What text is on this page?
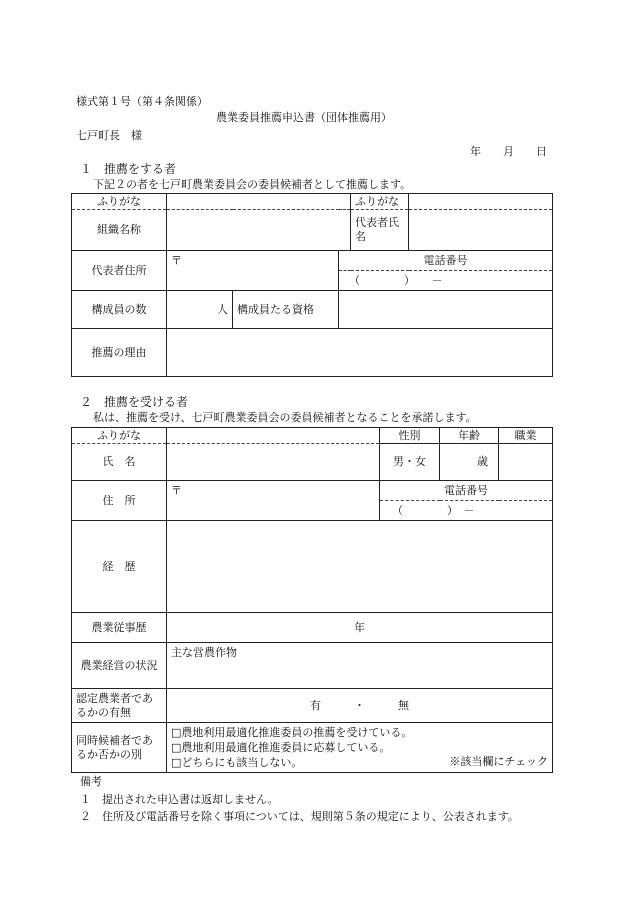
様式第１号（第４条関係）
農業委員推薦申込書（団体推薦用）
七戸町長　様
年　　月　　日
１　推薦をする者
下記２の者を七戸町農業委員会の委員候補者として推薦します。
ふりがな				ふりがな	
組織名称				代表者氏名	
代表者住所	〒		電話番号		
			（　　　　）　　－		
構成員の数	人	構成員たる資格			
推薦の理由					
２　推薦を受ける者
私は、推薦を受け、七戸町農業委員会の委員候補者となることを承諾します。
ふりがな		性別	年齢	職業
氏　名		男・女	歳	
住　所	〒	電話番号		
		（　　　　）　－		
経　歴				
農業従事歴	年			
農業経営の状況	主な営農作物			
認定農業者であるかの有無	有　　　・　　　無			
同時候補者であるか否かの別	□農地利用最適化推進委員の推薦を受けている。
□農地利用最適化推進委員に応募している。
□どちらにも該当しない。 ※該当欄にチェック			
備考
１　提出された申込書は返却しません。
２　住所及び電話番号を除く事項については、規則第５条の規定により、公表されます。
